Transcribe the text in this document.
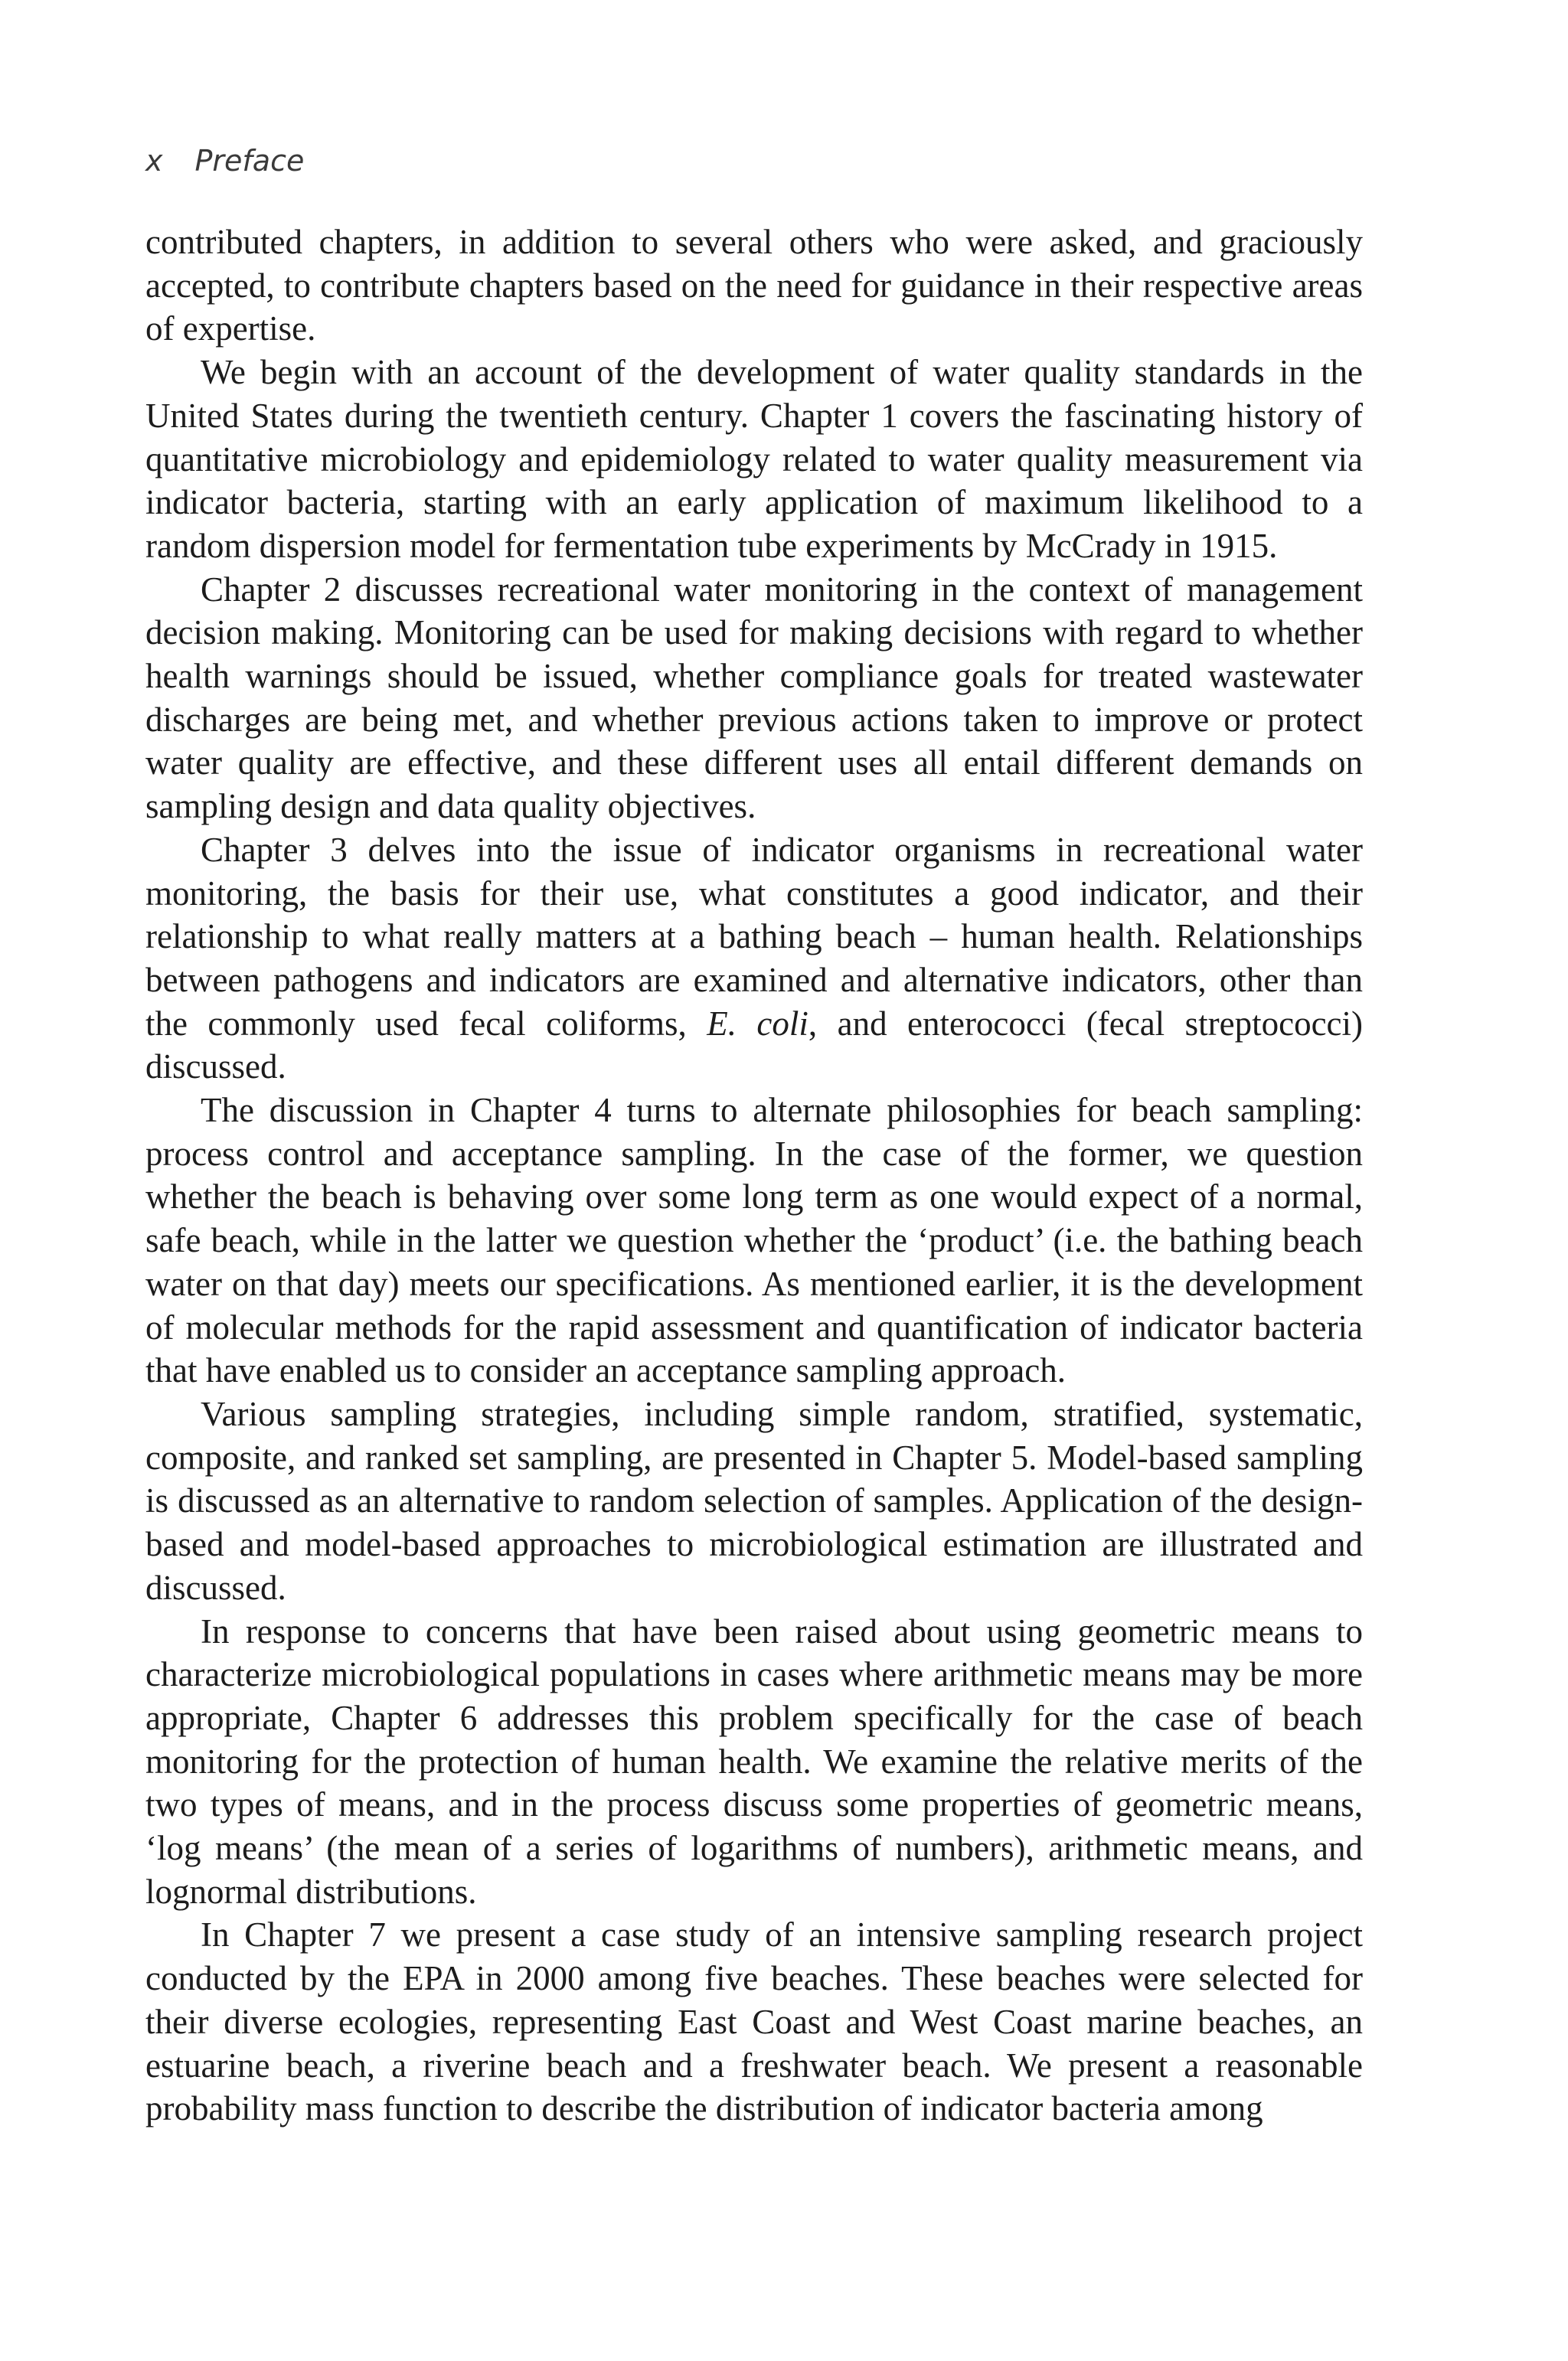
x Preface

contributed chapters, in addition to several others who were asked, and graciously accepted, to contribute chapters based on the need for guidance in their respective areas of expertise.

We begin with an account of the development of water quality standards in the United States during the twentieth century. Chapter 1 covers the fascinating history of quantitative microbiology and epidemiology related to water quality measurement via indicator bacteria, starting with an early application of maximum likelihood to a random dispersion model for fermentation tube experiments by McCrady in 1915.

Chapter 2 discusses recreational water monitoring in the context of management decision making. Monitoring can be used for making decisions with regard to whether health warnings should be issued, whether compliance goals for treated wastewater discharges are being met, and whether previous actions taken to improve or protect water quality are effective, and these different uses all entail different demands on sampling design and data quality objectives.

Chapter 3 delves into the issue of indicator organisms in recreational water monitoring, the basis for their use, what constitutes a good indicator, and their relationship to what really matters at a bathing beach – human health. Relationships between pathogens and indicators are examined and alternative indicators, other than the commonly used fecal coliforms, E. coli, and enterococci (fecal streptococci) discussed.

The discussion in Chapter 4 turns to alternate philosophies for beach sampling: process control and acceptance sampling. In the case of the former, we question whether the beach is behaving over some long term as one would expect of a normal, safe beach, while in the latter we question whether the ‘product’ (i.e. the bathing beach water on that day) meets our specifications. As mentioned earlier, it is the development of molecular methods for the rapid assessment and quantification of indicator bacteria that have enabled us to consider an acceptance sampling approach.

Various sampling strategies, including simple random, stratified, systematic, composite, and ranked set sampling, are presented in Chapter 5. Model-based sampling is discussed as an alternative to random selection of samples. Application of the design-based and model-based approaches to microbiological estimation are illustrated and discussed.

In response to concerns that have been raised about using geometric means to characterize microbiological populations in cases where arithmetic means may be more appropriate, Chapter 6 addresses this problem specifically for the case of beach monitoring for the protection of human health. We examine the relative merits of the two types of means, and in the process discuss some properties of geometric means, ‘log means’ (the mean of a series of logarithms of numbers), arithmetic means, and lognormal distributions.

In Chapter 7 we present a case study of an intensive sampling research project conducted by the EPA in 2000 among five beaches. These beaches were selected for their diverse ecologies, representing East Coast and West Coast marine beaches, an estuarine beach, a riverine beach and a freshwater beach. We present a reasonable probability mass function to describe the distribution of indicator bacteria among
